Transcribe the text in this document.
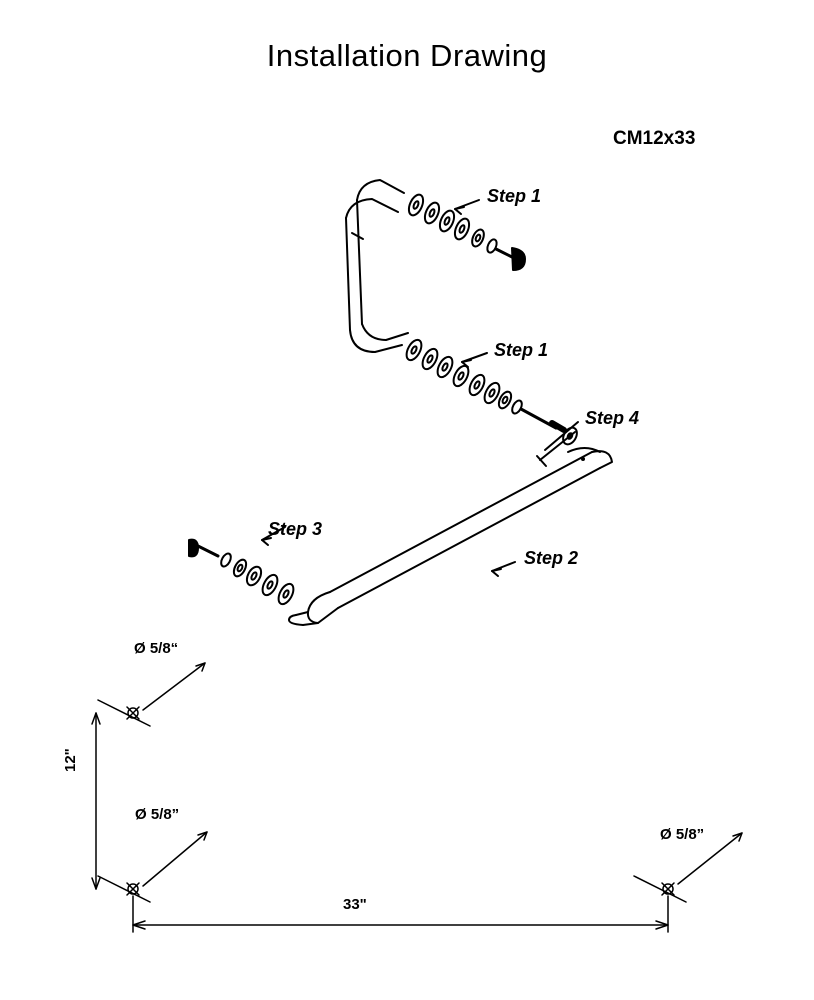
Installation Drawing
CM12x33
Step 1
Step 1
Step 4
Step 3
Step 2
Ø 5/8“
Ø 5/8”
Ø 5/8”
33"
12"
